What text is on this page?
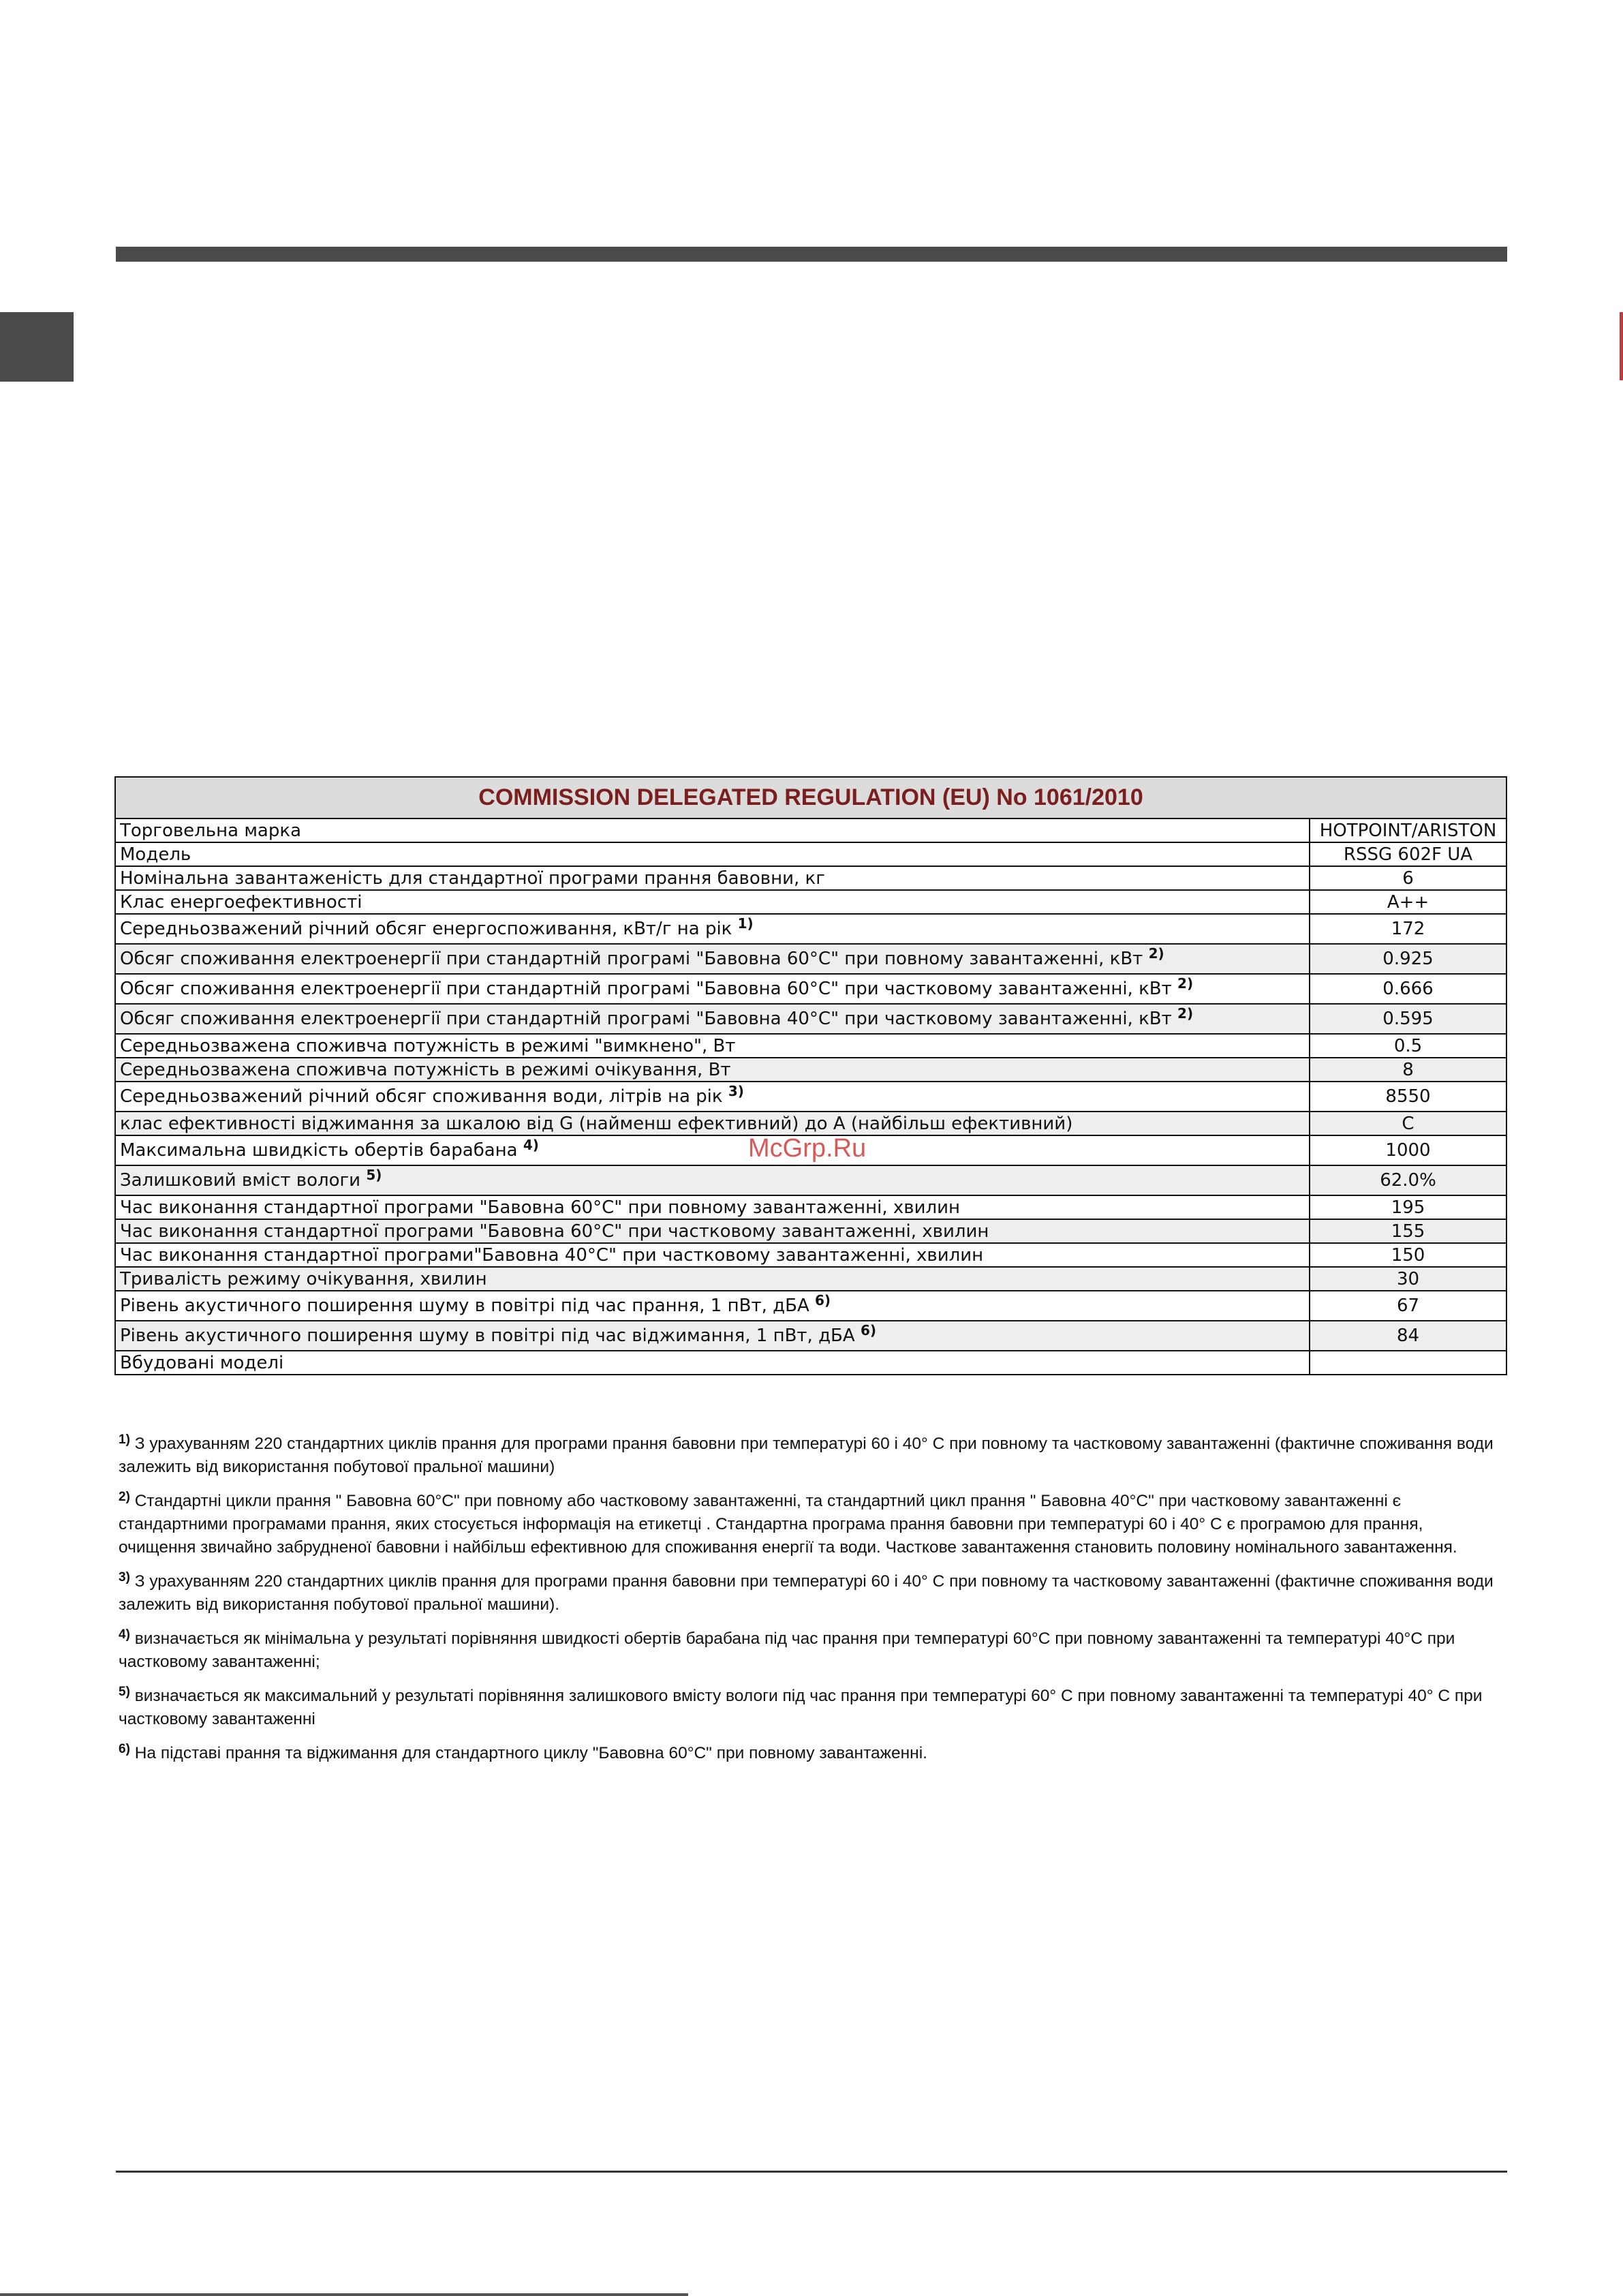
COMMISSION DELEGATED REGULATION (EU) No 1061/2010	
Торговельна марка	HOTPOINT/ARISTON
Модель	RSSG 602F UA
Номінальна завантаженість для стандартної програми прання бавовни, кг	6
Клас енергоефективності	A++
Середньозважений річний обсяг енергоспоживання, кВт/г на рік $^{1)}$	172
Обсяг споживання електроенергії при стандартній програмі "Бавовна 60°C" при повному завантаженні, кВт $^{2)}$	0.925
Обсяг споживання електроенергії при стандартній програмі "Бавовна 60°C" при частковому завантаженні, кВт $^{2)}$	0.666
Обсяг споживання електроенергії при стандартній програмі "Бавовна 40°C" при частковому завантаженні, кВт $^{2)}$	0.595
Середньозважена споживча потужність в режимі "вимкнено", Вт	0.5
Середньозважена споживча потужність в режимі очікування, Вт	8
Середньозважений річний обсяг споживання води, літрів на рік $^{3)}$	8550
клас ефективності віджимання за шкалою від G (найменш ефективний) до A (найбільш ефективний)	C
Максимальна швидкість обертів барабана $^{4)}$	1000
Залишковий вміст вологи $^{5)}$	62.0%
Час виконання стандартної програми "Бавовна 60°C" при повному завантаженні, хвилин	195
Час виконання стандартної програми "Бавовна 60°C" при частковому завантаженні, хвилин	155
Час виконання стандартної програми"Бавовна 40°C" при частковому завантаженні, хвилин	150
Тривалість режиму очікування, хвилин	30
Рівень акустичного поширення шуму в повітрі під час прання, 1 пВт, дБА $^{6)}$	67
Рівень акустичного поширення шуму в повітрі під час віджимання, 1 пВт, дБА $^{6)}$	84
Вбудовані моделі	
McGrp.Ru

$^{1)}$ З урахуванням 220 стандартних циклів прання для програми прання бавовни при температурі 60 і 40° C при повному та частковому завантаженні (фактичне споживання води залежить від використання побутової пральної машини)

$^{2)}$ Стандартні цикли прання " Бавовна 60°C" при повному або частковому завантаженні, та стандартний цикл прання " Бавовна 40°C" при частковому завантаженні є стандартними програмами прання, яких стосується інформація на етикетці . Стандартна програма прання бавовни при температурі 60 і 40° C є програмою для прання, очищення звичайно забрудненої бавовни і найбільш ефективною для споживання енергії та води. Часткове завантаження становить половину номінального завантаження.

$^{3)}$ З урахуванням 220 стандартних циклів прання для програми прання бавовни при температурі 60 і 40° C при повному та частковому завантаженні (фактичне споживання води залежить від використання побутової пральної машини).

$^{4)}$ визначається як мінімальна у результаті порівняння швидкості обертів барабана під час прання при температурі 60°C при повному завантаженні та температурі 40°C при частковому завантаженні;

$^{5)}$ визначається як максимальний у результаті порівняння залишкового вмісту вологи під час прання при температурі 60° C при повному завантаженні та температурі 40° C при частковому завантаженні

$^{6)}$ На підставі прання та віджимання для стандартного циклу "Бавовна 60°C" при повному завантаженні.
